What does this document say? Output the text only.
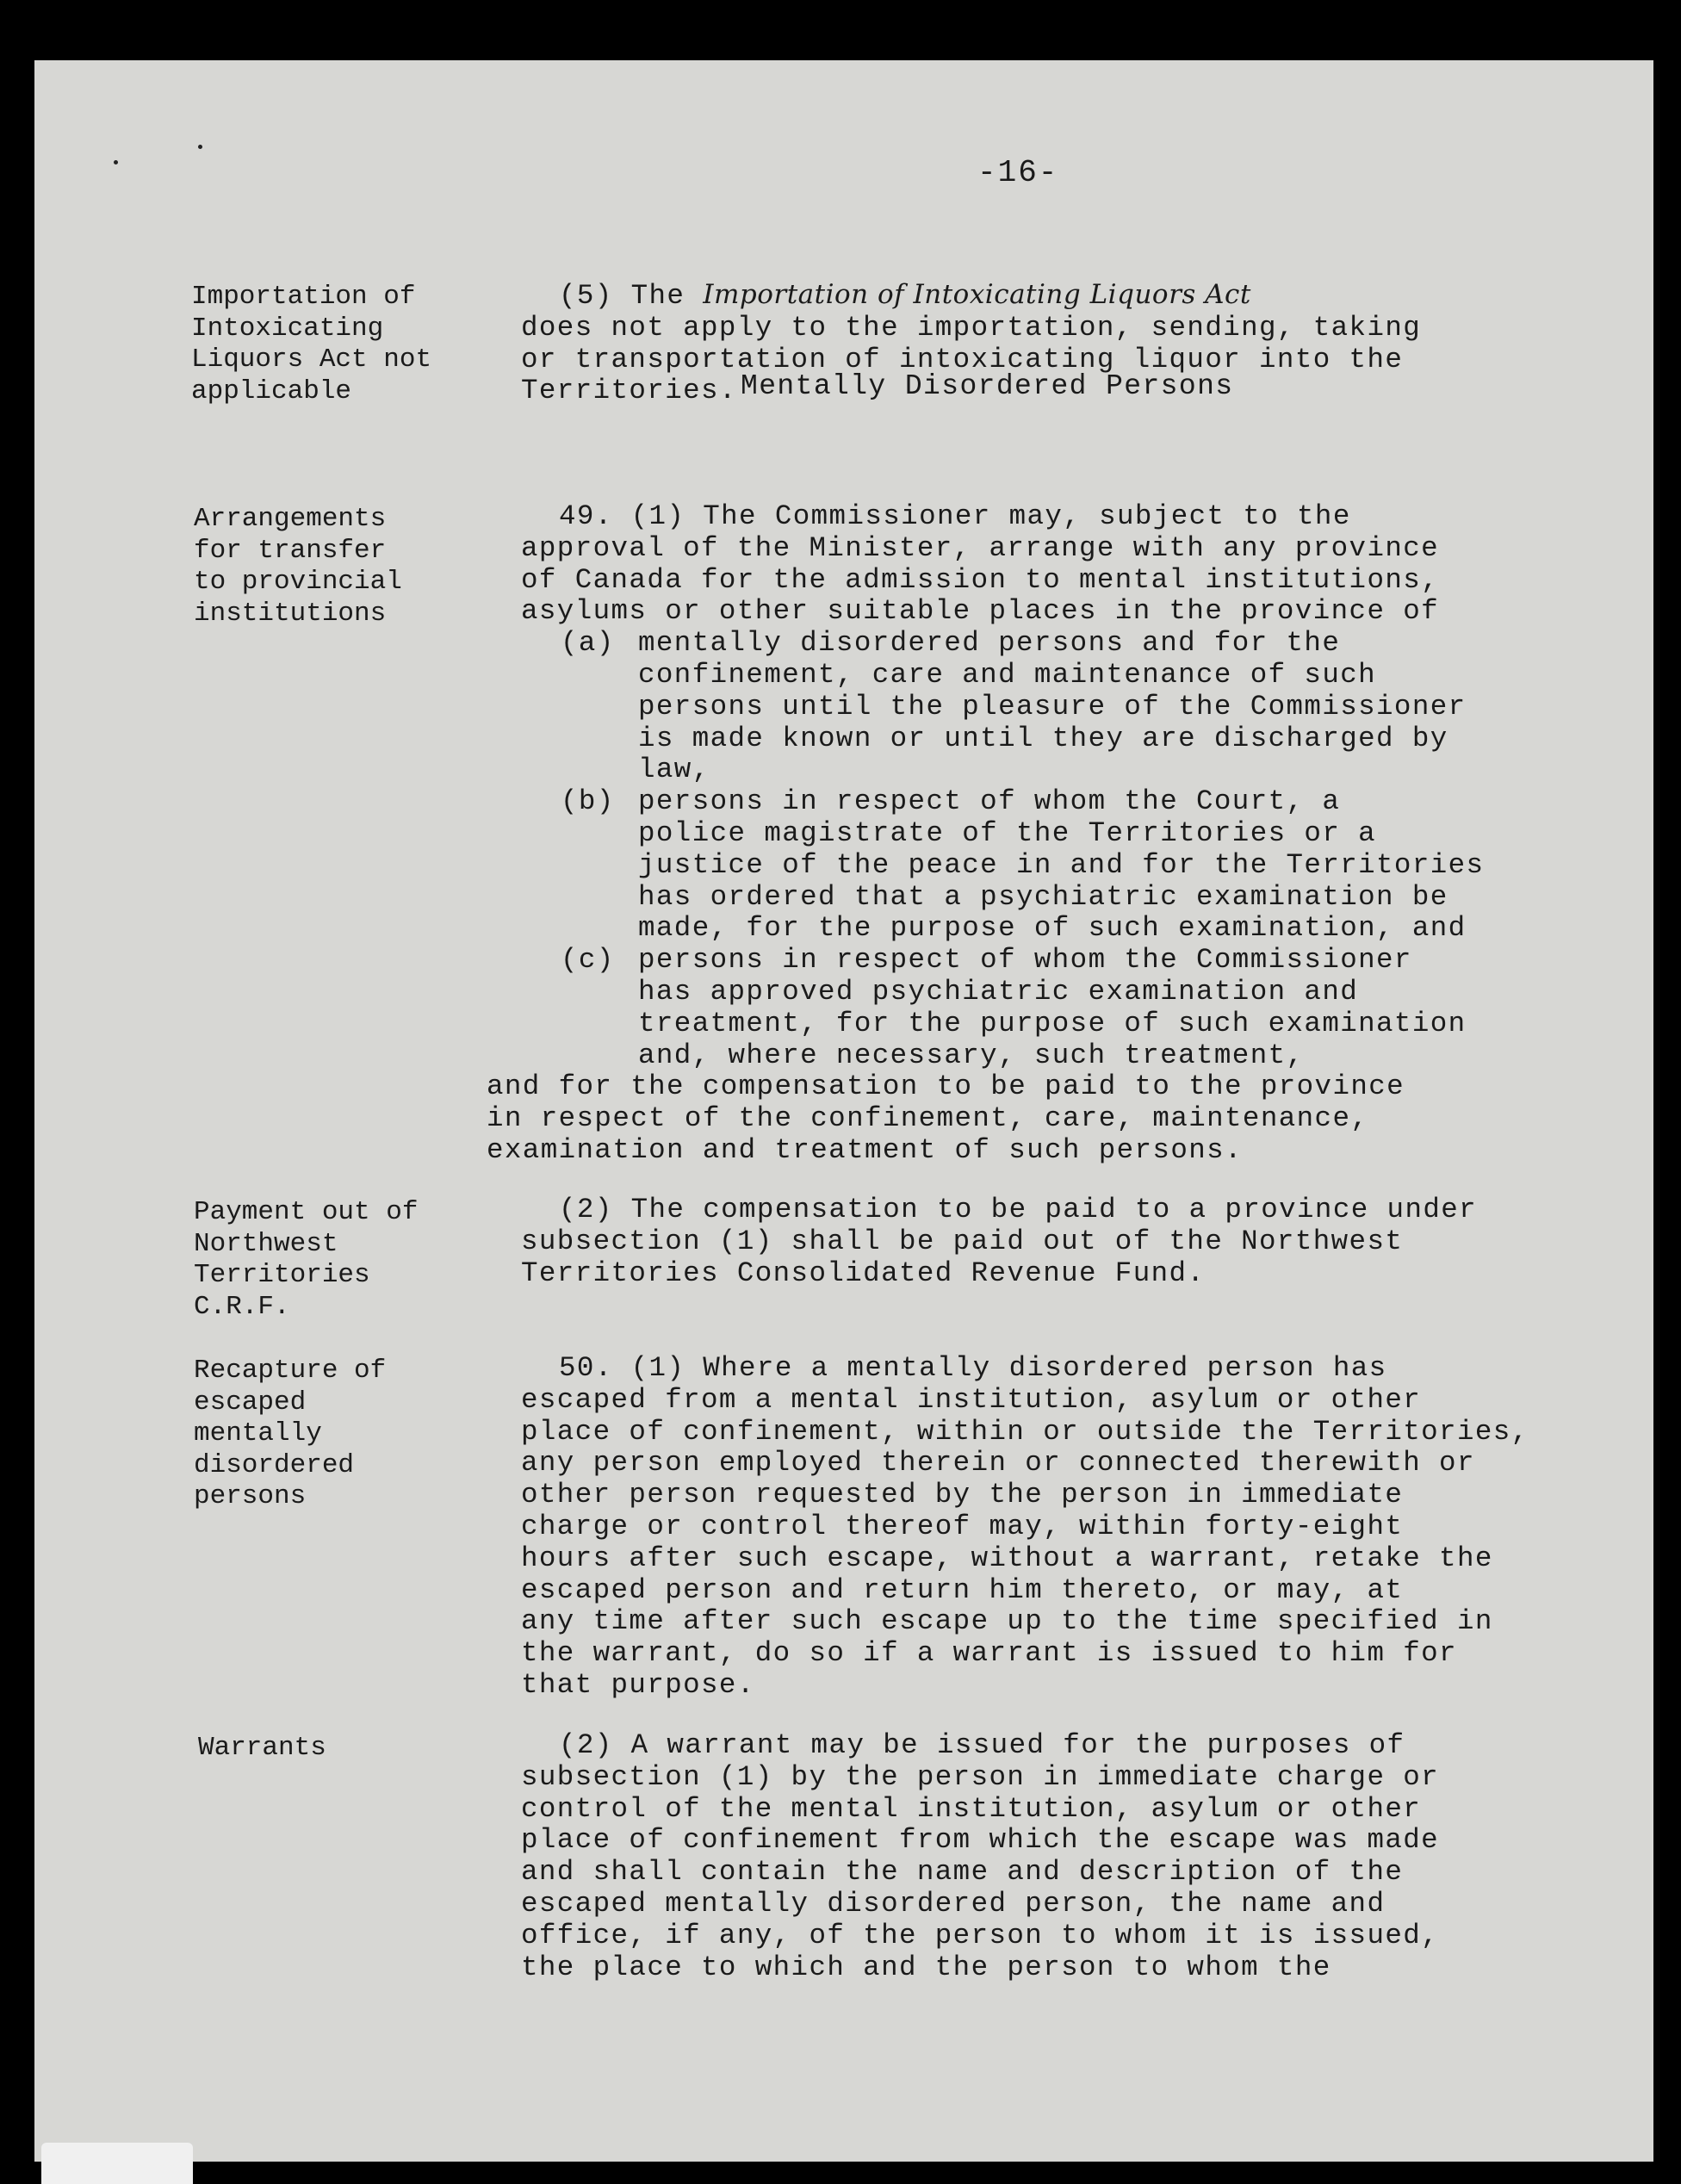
-16-
Importation of
Intoxicating
Liquors Act not
applicable
Arrangements
for transfer
to provincial
institutions
Payment out of
Northwest
Territories
C.R.F.
Recapture of
escaped
mentally
disordered
persons
Warrants

(5) The Importation of Intoxicating Liquors Act

does not apply to the importation, sending, taking
or transportation of intoxicating liquor into the
Territories. Mentally Disordered Persons

49. (1) The Commissioner may, subject to the
approval of the Minister, arrange with any province
of Canada for the admission to mental institutions,
asylums or other suitable places in the province of

(a) mentally disordered persons and for the
confinement, care and maintenance of such
persons until the pleasure of the Commissioner
is made known or until they are discharged by
law,
(b) persons in respect of whom the Court, a
police magistrate of the Territories or a
justice of the peace in and for the Territories
has ordered that a psychiatric examination be
made, for the purpose of such examination, and
(c) persons in respect of whom the Commissioner
has approved psychiatric examination and
treatment, for the purpose of such examination
and, where necessary, such treatment,

and for the compensation to be paid to the province
in respect of the confinement, care, maintenance,
examination and treatment of such persons.

(2) The compensation to be paid to a province under
subsection (1) shall be paid out of the Northwest
Territories Consolidated Revenue Fund.

50. (1) Where a mentally disordered person has
escaped from a mental institution, asylum or other
place of confinement, within or outside the Territories,
any person employed therein or connected therewith or
other person requested by the person in immediate
charge or control thereof may, within forty-eight
hours after such escape, without a warrant, retake the
escaped person and return him thereto, or may, at
any time after such escape up to the time specified in
the warrant, do so if a warrant is issued to him for
that purpose.

(2) A warrant may be issued for the purposes of
subsection (1) by the person in immediate charge or
control of the mental institution, asylum or other
place of confinement from which the escape was made
and shall contain the name and description of the
escaped mentally disordered person, the name and
office, if any, of the person to whom it is issued,
the place to which and the person to whom the
